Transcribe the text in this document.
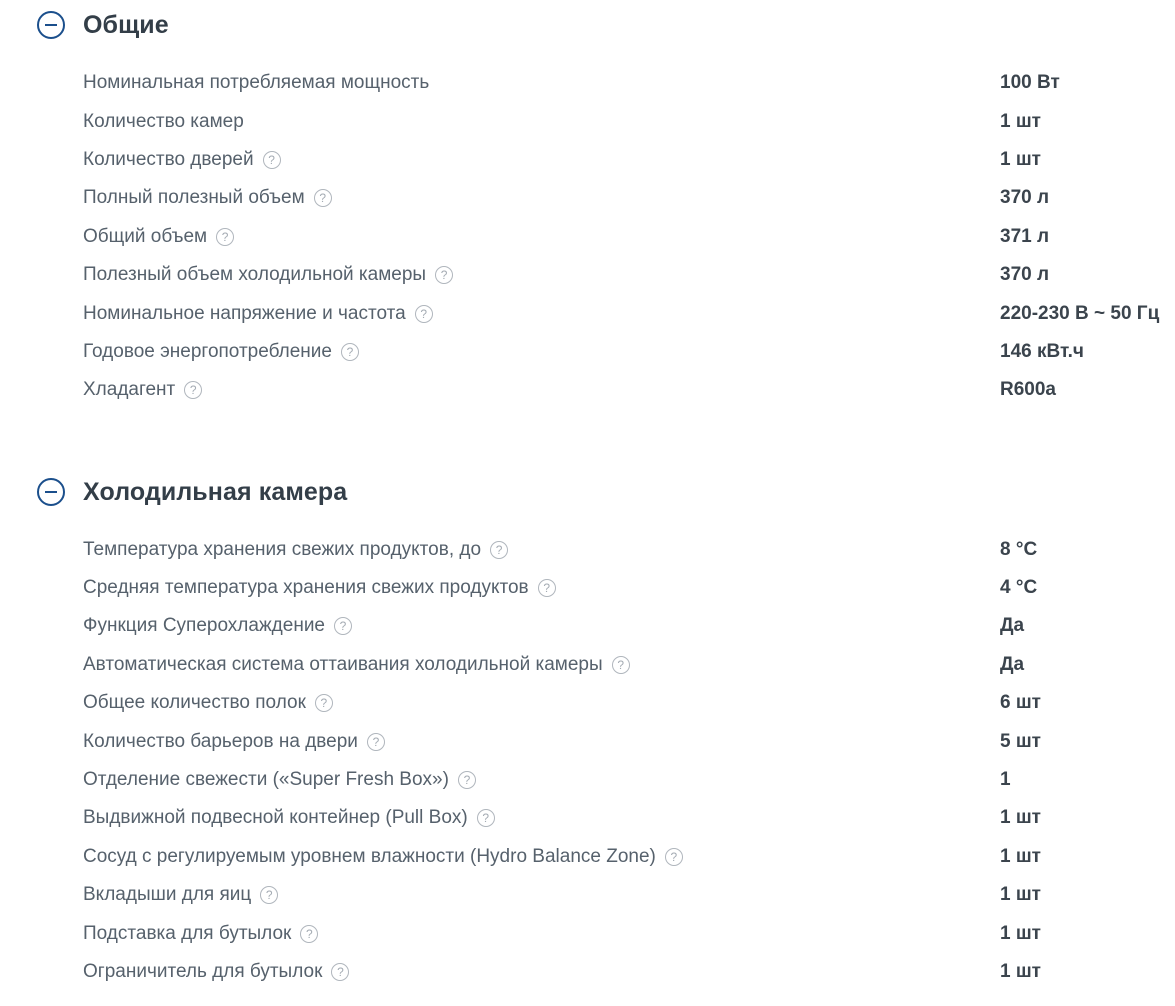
Общие
Номинальная потребляемая мощность	100 Вт
Количество камер	1 шт
Количество дверей	?	1 шт
Полный полезный объем	?	370 л
Общий объем	?	371 л
Полезный объем холодильной камеры	?	370 л
Номинальное напряжение и частота	?	220-230 В ~ 50 Гц
Годовое энергопотребление	?	146 кВт.ч
Хладагент	?	R600a
Холодильная камера
Температура хранения свежих продуктов, до	?	8 °С
Средняя температура хранения свежих продуктов	?	4 °С
Функция Суперохлаждение	?	Да
Автоматическая система оттаивания холодильной камеры	?	Да
Общее количество полок	?	6 шт
Количество барьеров на двери	?	5 шт
Отделение свежести («Super Fresh Box»)	?	1
Выдвижной подвесной контейнер (Pull Box)	?	1 шт
Сосуд с регулируемым уровнем влажности (Hydro Balance Zone)	?	1 шт
Вкладыши для яиц	?	1 шт
Подставка для бутылок	?	1 шт
Ограничитель для бутылок	?	1 шт
